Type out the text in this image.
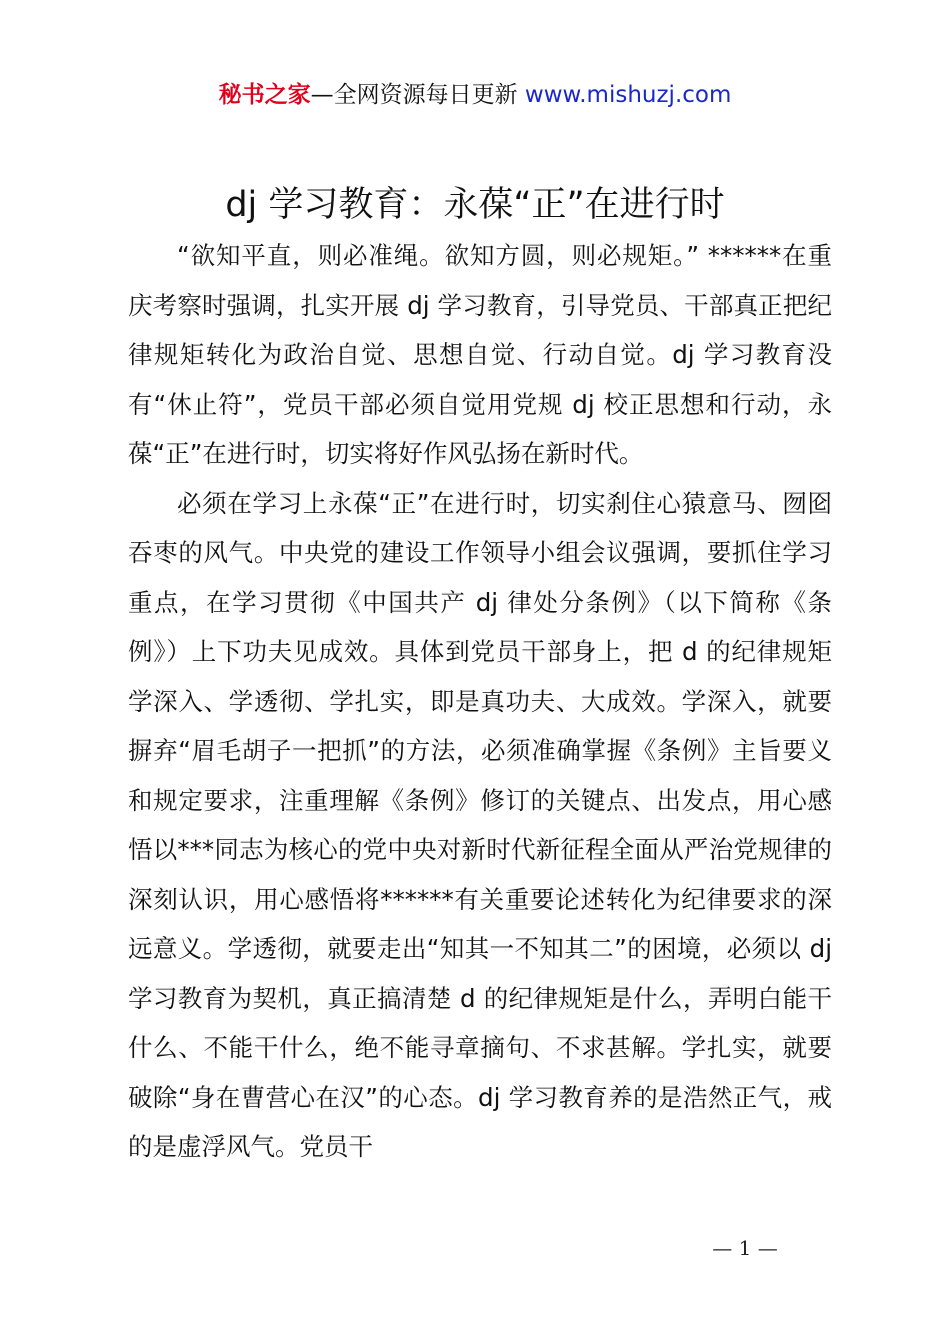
秘书之家—全网资源每日更新 www.mishuzj.com
dj 学习教育：永葆“正”在进行时

“欲知平直，则必准绳。欲知方圆，则必规矩。” ******在重庆考察时强调，扎实开展 dj 学习教育，引导党员、干部真正把纪律规矩转化为政治自觉、思想自觉、行动自觉。dj 学习教育没有“休止符”，党员干部必须自觉用党规 dj 校正思想和行动，永葆“正”在进行时，切实将好作风弘扬在新时代。

必须在学习上永葆“正”在进行时，切实刹住心猿意马、囫囵吞枣的风气。中央党的建设工作领导小组会议强调，要抓住学习重点，在学习贯彻《中国共产 dj 律处分条例》（以下简称《条例》）上下功夫见成效。具体到党员干部身上，把 d 的纪律规矩学深入、学透彻、学扎实，即是真功夫、大成效。学深入，就要摒弃“眉毛胡子一把抓”的方法，必须准确掌握《条例》主旨要义和规定要求，注重理解《条例》修订的关键点、出发点，用心感悟以***同志为核心的党中央对新时代新征程全面从严治党规律的深刻认识，用心感悟将******有关重要论述转化为纪律要求的深远意义。学透彻，就要走出“知其一不知其二”的困境，必须以 dj 学习教育为契机，真正搞清楚 d 的纪律规矩是什么，弄明白能干什么、不能干什么，绝不能寻章摘句、不求甚解。学扎实，就要破除“身在曹营心在汉”的心态。dj 学习教育养的是浩然正气，戒的是虚浮风气。党员干

— 1 —
